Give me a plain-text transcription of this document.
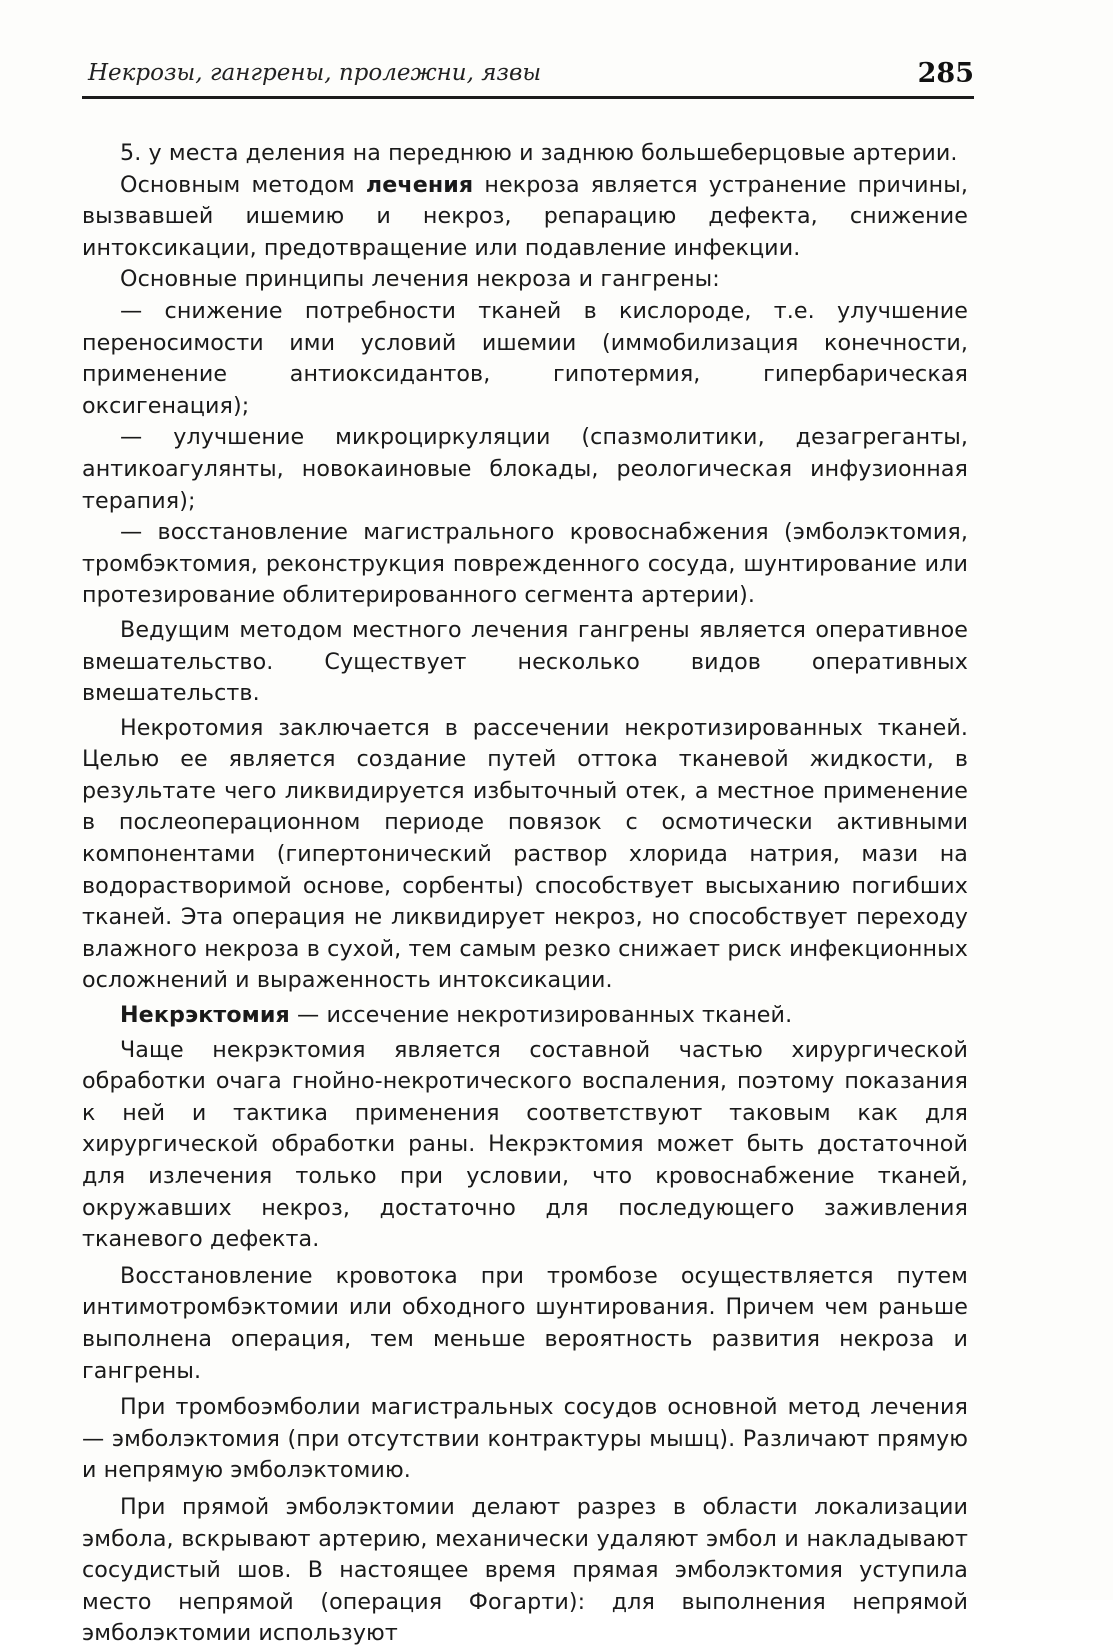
Некрозы, гангрены, пролежни, язвы	285

5. у места деления на переднюю и заднюю большеберцовые артерии.

Основным методом лечения некроза является устранение причины, вызвавшей ишемию и некроз, репарацию дефекта, снижение интоксикации, предотвращение или подавление инфекции.

Основные принципы лечения некроза и гангрены:

— снижение потребности тканей в кислороде, т.е. улучшение переносимости ими условий ишемии (иммобилизация конечности, применение антиоксидантов, гипотермия, гипербарическая оксигенация);

— улучшение микроциркуляции (спазмолитики, дезагреганты, антикоагулянты, новокаиновые блокады, реологическая инфузионная терапия);

— восстановление магистрального кровоснабжения (эмболэктомия, тромбэктомия, реконструкция поврежденного сосуда, шунтирование или протезирование облитерированного сегмента артерии).

Ведущим методом местного лечения гангрены является оперативное вмешательство. Существует несколько видов оперативных вмешательств.

Некротомия заключается в рассечении некротизированных тканей. Целью ее является создание путей оттока тканевой жидкости, в результате чего ликвидируется избыточный отек, а местное применение в послеоперационном периоде повязок с осмотически активными компонентами (гипертонический раствор хлорида натрия, мази на водорастворимой основе, сорбенты) способствует высыханию погибших тканей. Эта операция не ликвидирует некроз, но способствует переходу влажного некроза в сухой, тем самым резко снижает риск инфекционных осложнений и выраженность интоксикации.

Некрэктомия — иссечение некротизированных тканей.

Чаще некрэктомия является составной частью хирургической обработки очага гнойно-некротического воспаления, поэтому показания к ней и тактика применения соответствуют таковым как для хирургической обработки раны. Некрэктомия может быть достаточной для излечения только при условии, что кровоснабжение тканей, окружавших некроз, достаточно для последующего заживления тканевого дефекта.

Восстановление кровотока при тромбозе осуществляется путем интимотромбэктомии или обходного шунтирования. Причем чем раньше выполнена операция, тем меньше вероятность развития некроза и гангрены.

При тромбоэмболии магистральных сосудов основной метод лечения — эмболэктомия (при отсутствии контрактуры мышц). Различают прямую и непрямую эмболэктомию.

При прямой эмболэктомии делают разрез в области локализации эмбола, вскрывают артерию, механически удаляют эмбол и накладывают сосудистый шов. В настоящее время прямая эмболэктомия уступила место непрямой (операция Фогарти): для выполнения непрямой эмболэктомии используют
